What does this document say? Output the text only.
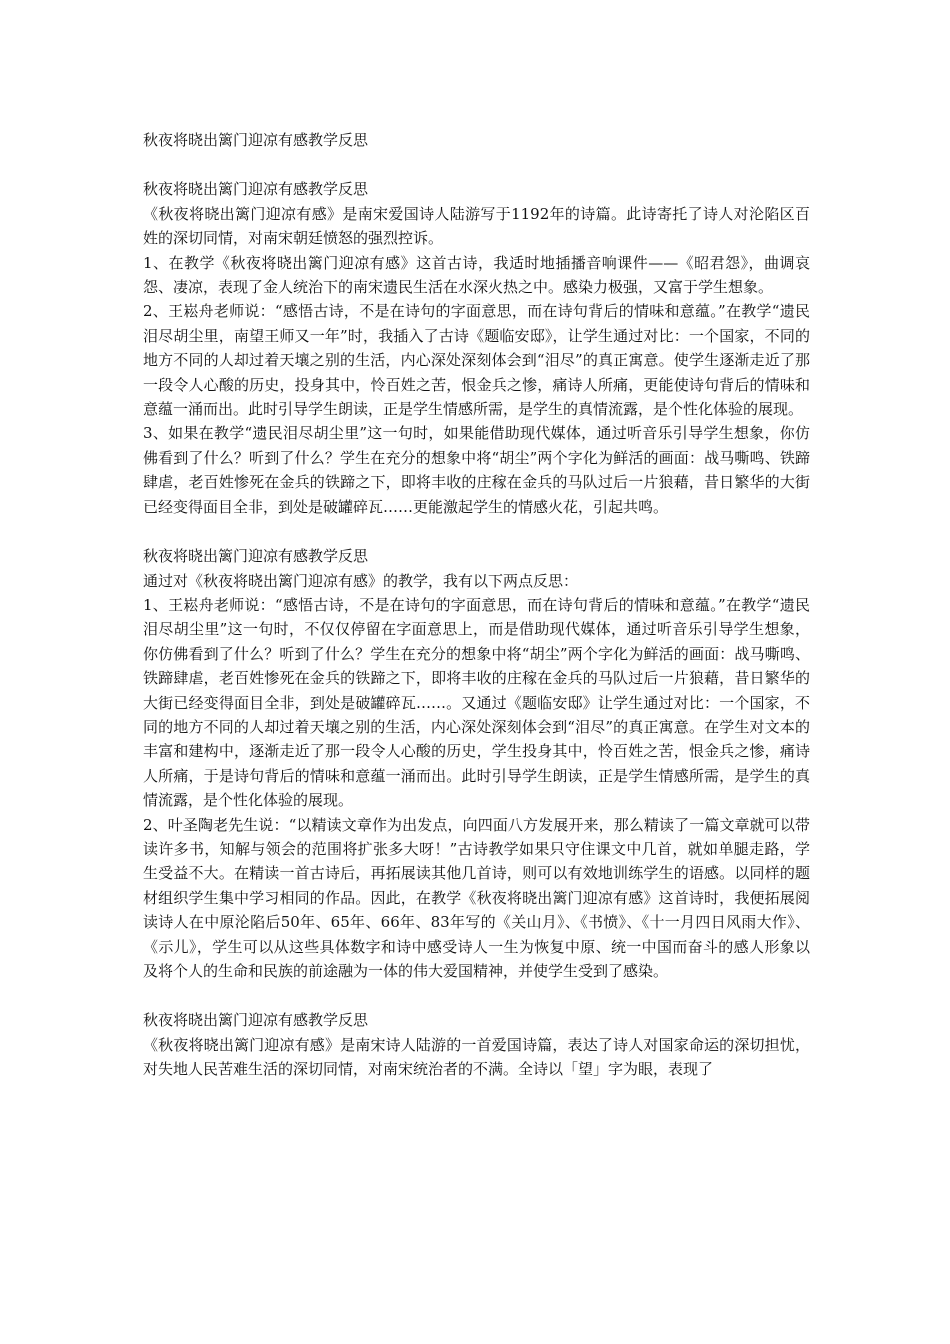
秋夜将晓出篱门迎凉有感教学反思
秋夜将晓出篱门迎凉有感教学反思

《秋夜将晓出篱门迎凉有感》是南宋爱国诗人陆游写于1192年的诗篇。此诗寄托了诗人对沦陷区百姓的深切同情，对南宋朝廷愤怒的强烈控诉。

1、在教学《秋夜将晓出篱门迎凉有感》这首古诗，我适时地插播音响课件——《昭君怨》，曲调哀怨、凄凉，表现了金人统治下的南宋遗民生活在水深火热之中。感染力极强，又富于学生想象。

2、王崧舟老师说：“感悟古诗，不是在诗句的字面意思，而在诗句背后的情味和意蕴。”在教学“遗民泪尽胡尘里，南望王师又一年”时，我插入了古诗《题临安邸》，让学生通过对比：一个国家，不同的地方不同的人却过着天壤之别的生活，内心深处深刻体会到“泪尽”的真正寓意。使学生逐渐走近了那一段令人心酸的历史，投身其中，怜百姓之苦，恨金兵之惨，痛诗人所痛，更能使诗句背后的情味和意蕴一涌而出。此时引导学生朗读，正是学生情感所需，是学生的真情流露，是个性化体验的展现。

3、如果在教学“遗民泪尽胡尘里”这一句时，如果能借助现代媒体，通过听音乐引导学生想象，你仿佛看到了什么？听到了什么？学生在充分的想象中将“胡尘”两个字化为鲜活的画面：战马嘶鸣、铁蹄肆虐，老百姓惨死在金兵的铁蹄之下，即将丰收的庄稼在金兵的马队过后一片狼藉，昔日繁华的大街已经变得面目全非，到处是破罐碎瓦……更能激起学生的情感火花，引起共鸣。

秋夜将晓出篱门迎凉有感教学反思

通过对《秋夜将晓出篱门迎凉有感》的教学，我有以下两点反思：

1、王崧舟老师说：“感悟古诗，不是在诗句的字面意思，而在诗句背后的情味和意蕴。”在教学“遗民泪尽胡尘里”这一句时，不仅仅停留在字面意思上，而是借助现代媒体，通过听音乐引导学生想象，你仿佛看到了什么？听到了什么？学生在充分的想象中将“胡尘”两个字化为鲜活的画面：战马嘶鸣、铁蹄肆虐，老百姓惨死在金兵的铁蹄之下，即将丰收的庄稼在金兵的马队过后一片狼藉，昔日繁华的大街已经变得面目全非，到处是破罐碎瓦……。又通过《题临安邸》让学生通过对比：一个国家，不同的地方不同的人却过着天壤之别的生活，内心深处深刻体会到“泪尽”的真正寓意。在学生对文本的丰富和建构中，逐渐走近了那一段令人心酸的历史，学生投身其中，怜百姓之苦，恨金兵之惨，痛诗人所痛，于是诗句背后的情味和意蕴一涌而出。此时引导学生朗读，正是学生情感所需，是学生的真情流露，是个性化体验的展现。

2、叶圣陶老先生说：“以精读文章作为出发点，向四面八方发展开来，那么精读了一篇文章就可以带读许多书，知解与领会的范围将扩张多大呀！”古诗教学如果只守住课文中几首，就如单腿走路，学生受益不大。在精读一首古诗后，再拓展读其他几首诗，则可以有效地训练学生的语感。以同样的题材组织学生集中学习相同的作品。因此，在教学《秋夜将晓出篱门迎凉有感》这首诗时，我便拓展阅读诗人在中原沦陷后50年、65年、66年、83年写的《关山月》、《书愤》、《十一月四日风雨大作》、《示儿》，学生可以从这些具体数字和诗中感受诗人一生为恢复中原、统一中国而奋斗的感人形象以及将个人的生命和民族的前途融为一体的伟大爱国精神，并使学生受到了感染。

秋夜将晓出篱门迎凉有感教学反思

《秋夜将晓出篱门迎凉有感》是南宋诗人陆游的一首爱国诗篇，表达了诗人对国家命运的深切担忧，对失地人民苦难生活的深切同情，对南宋统治者的不满。全诗以「望」字为眼，表现了
